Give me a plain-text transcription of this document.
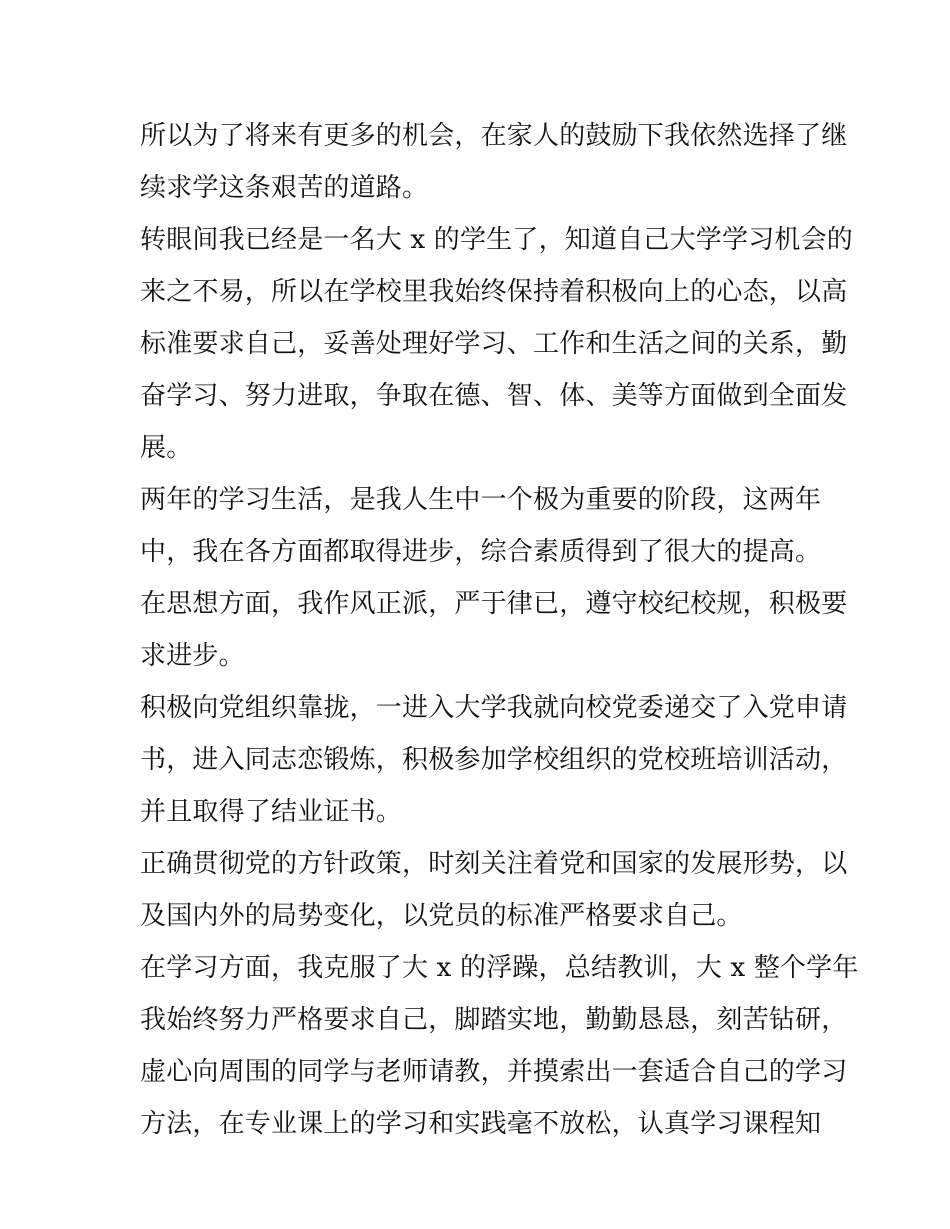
所以为了将来有更多的机会，在家人的鼓励下我依然选择了继
续求学这条艰苦的道路。
转眼间我已经是一名大 x 的学生了，知道自己大学学习机会的
来之不易，所以在学校里我始终保持着积极向上的心态，以高
标准要求自己，妥善处理好学习、工作和生活之间的关系，勤
奋学习、努力进取，争取在德、智、体、美等方面做到全面发
展。
两年的学习生活，是我人生中一个极为重要的阶段，这两年
中，我在各方面都取得进步，综合素质得到了很大的提高。
在思想方面，我作风正派，严于律已，遵守校纪校规，积极要
求进步。
积极向党组织靠拢，一进入大学我就向校党委递交了入党申请
书，进入同志恋锻炼，积极参加学校组织的党校班培训活动，
并且取得了结业证书。
正确贯彻党的方针政策，时刻关注着党和国家的发展形势，以
及国内外的局势变化，以党员的标准严格要求自己。
在学习方面，我克服了大 x 的浮躁，总结教训，大 x 整个学年
我始终努力严格要求自己，脚踏实地，勤勤恳恳，刻苦钻研，
虚心向周围的同学与老师请教，并摸索出一套适合自己的学习
方法，在专业课上的学习和实践毫不放松，认真学习课程知
